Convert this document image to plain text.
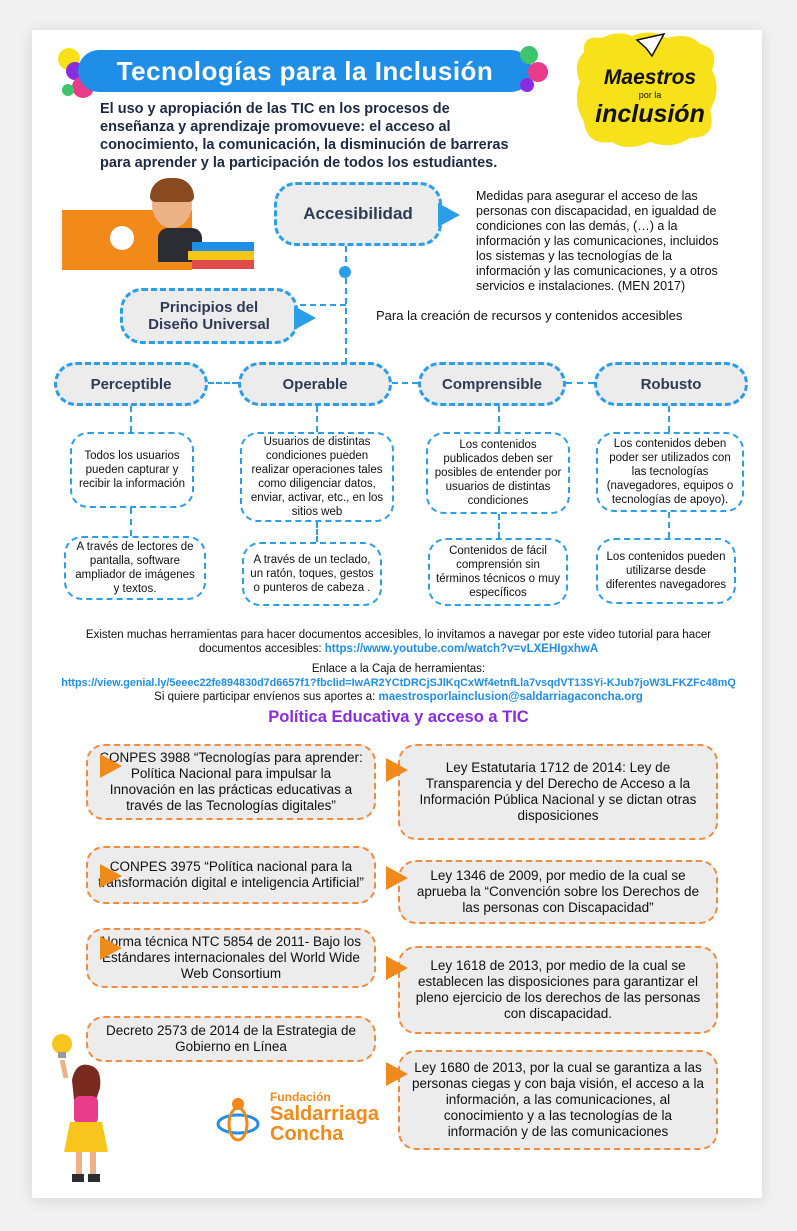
Tecnologías para la Inclusión
El uso y apropiación de las TIC en los procesos de enseñanza y aprendizaje promovueve: el acceso al conocimiento, la comunicación, la disminución de barreras para aprender y la participación de todos los estudiantes.
Maestros
por la
inclusión
Accesibilidad
Medidas para asegurar el acceso de las personas con discapacidad, en igualdad de condiciones con las demás, (…) a la información y las comunicaciones, incluidos los sistemas y las tecnologías de la información y las comunicaciones, y a otros servicios e instalaciones. (MEN 2017)
Principios del
Diseño Universal
Para la creación de recursos y contenidos accesibles
Perceptible	Operable	Comprensible	Robusto
Todos los usuarios pueden capturar y recibir la información
Usuarios de distintas condiciones pueden realizar operaciones tales como diligenciar datos, enviar, activar, etc., en los sitios web
Los contenidos publicados deben ser posibles de entender por usuarios de distintas condiciones
Los contenidos deben poder ser utilizados con las tecnologías (navegadores, equipos o tecnologías de apoyo).
A través de lectores de pantalla, software ampliador de imágenes y textos.
A través de un teclado, un ratón, toques, gestos o punteros de cabeza .
Contenidos de fácil comprensión sin términos técnicos o muy específicos
Los contenidos pueden utilizarse desde diferentes navegadores
Existen muchas herramientas para hacer documentos accesibles, lo invitamos a navegar por este video tutorial para hacer
documentos accesibles: https://www.youtube.com/watch?v=vLXEHIgxhwA
Enlace a la Caja de herramientas:
https://view.genial.ly/5eeec22fe894830d7d6657f1?fbclid=IwAR2YCtDRCjSJlKqCxWf4etnfLla7vsqdVT13SYi-KJub7joW3LFKZFc48mQ
Si quiere participar envíenos sus aportes a: maestrosporlainclusion@saldarriagaconcha.org
Política Educativa y acceso a TIC
CONPES 3988 “Tecnologías para aprender: Política Nacional para impulsar la Innovación en las prácticas educativas a través de las Tecnologías digitales”
CONPES 3975 “Política nacional para la transformación digital e inteligencia Artificial”
Norma técnica NTC 5854 de 2011- Bajo los Estándares internacionales del World Wide Web Consortium
Decreto 2573 de 2014 de la Estrategia de Gobierno en Línea
Ley Estatutaria 1712 de 2014: Ley de Transparencia y del Derecho de Acceso a la Información Pública Nacional y se dictan otras disposiciones
Ley 1346 de 2009, por medio de la cual se aprueba la “Convención sobre los Derechos de las personas con Discapacidad”
Ley 1618 de 2013, por medio de la cual se establecen las disposiciones para garantizar el pleno ejercicio de los derechos de las personas con discapacidad.
Ley 1680 de 2013, por la cual se garantiza a las personas ciegas y con baja visión, el acceso a la información, a las comunicaciones, al conocimiento y a las tecnologías de la información y de las comunicaciones
Fundación
Saldarriaga
Concha
